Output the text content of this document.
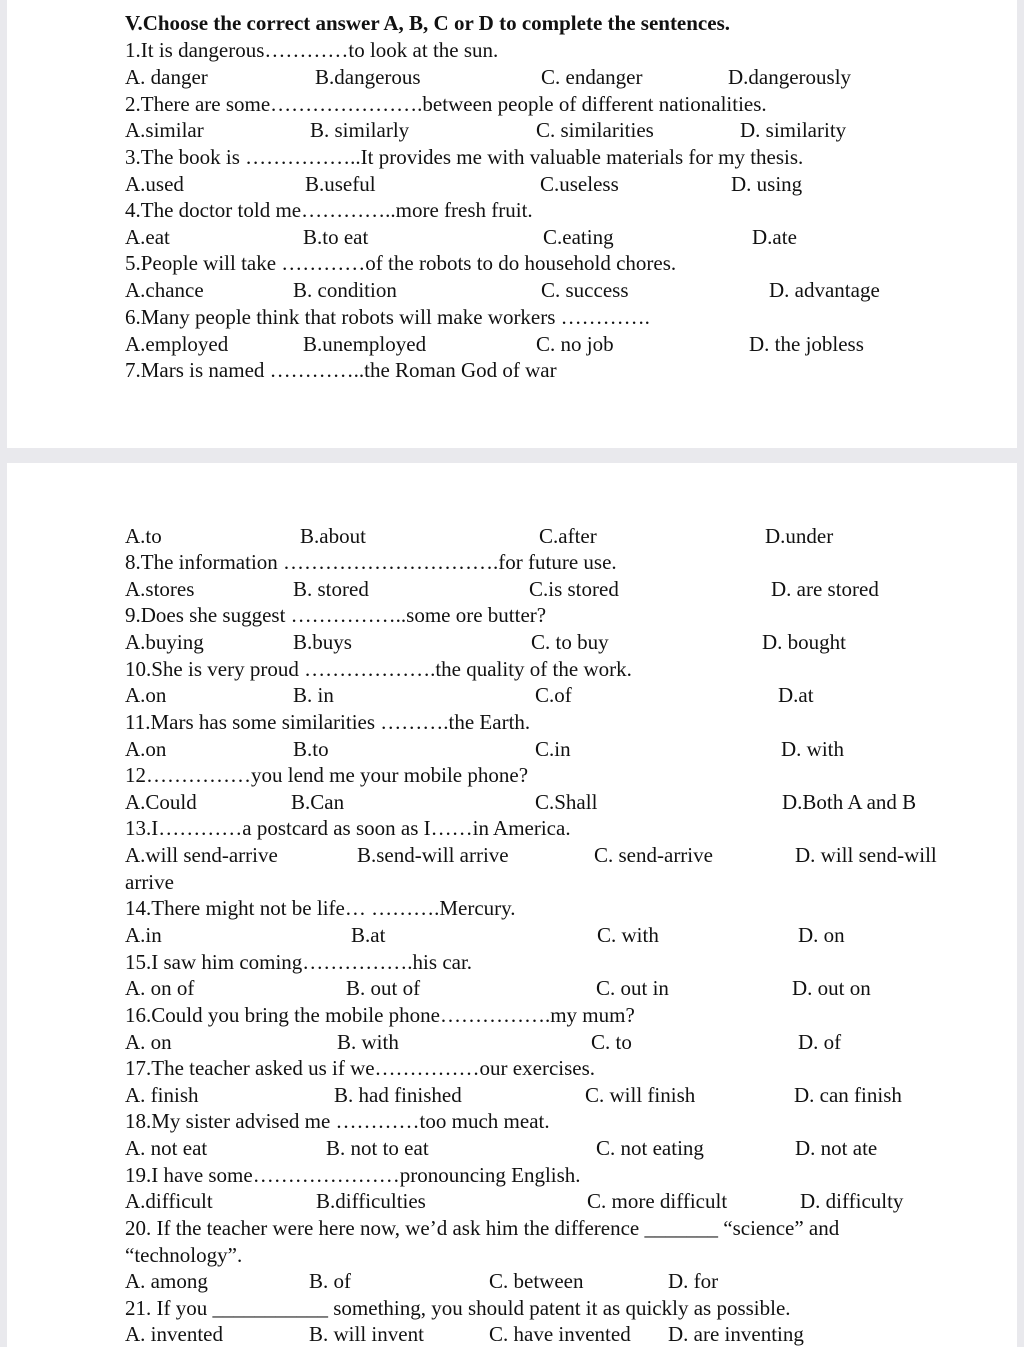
V.Choose the correct answer A, B, C or D to complete the sentences.
1.It is dangerous…………to look at the sun.
A. danger	B.dangerous	C. endanger	D.dangerously
2.There are some………………….between people of different nationalities.
A.similar	B. similarly	C. similarities	D. similarity
3.The book is ……………..It provides me with valuable materials for my thesis.
A.used	B.useful	C.useless	D. using
4.The doctor told me…………..more fresh fruit.
A.eat	B.to eat	C.eating	D.ate
5.People will take …………of the robots to do household chores.
A.chance	B. condition	C. success	D. advantage
6.Many people think that robots will make workers ………….
A.employed	B.unemployed	C. no job	D. the jobless
7.Mars is named …………..the Roman God of war
A.to	B.about	C.after	D.under
8.The information ………………………….for future use.
A.stores	B. stored	C.is stored	D. are stored
9.Does she suggest ……………..some ore butter?
A.buying	B.buys	C. to buy	D. bought
10.She is very proud ……………….the quality of the work.
A.on	B. in	C.of	D.at
11.Mars has some similarities ……….the Earth.
A.on	B.to	C.in	D. with
12……………you lend me your mobile phone?
A.Could	B.Can	C.Shall	D.Both A and B
13.I…………a postcard as soon as I……in America.
A.will send-arrive	B.send-will arrive	C. send-arrive	D. will send-will
arrive
14.There might not be life… ……….Mercury.
A.in	B.at	C. with	D. on
15.I saw him coming…………….his car.
A. on of	B. out of	C. out in	D. out on
16.Could you bring the mobile phone…………….my mum?
A. on	B. with	C. to	D. of
17.The teacher asked us if we……………our exercises.
A. finish	B. had finished	C. will finish	D. can finish
18.My sister advised me …………too much meat.
A. not eat	B. not to eat	C. not eating	D. not ate
19.I have some…………………pronouncing English.
A.difficult	B.difficulties	C. more difficult	D. difficulty
20. If the teacher were here now, we’d ask him the difference _______ “science” and
“technology”.
A. among	B. of	C. between	D. for
21. If you ___________ something, you should patent it as quickly as possible.
A. invented	B. will invent	C. have invented D. are inventing
